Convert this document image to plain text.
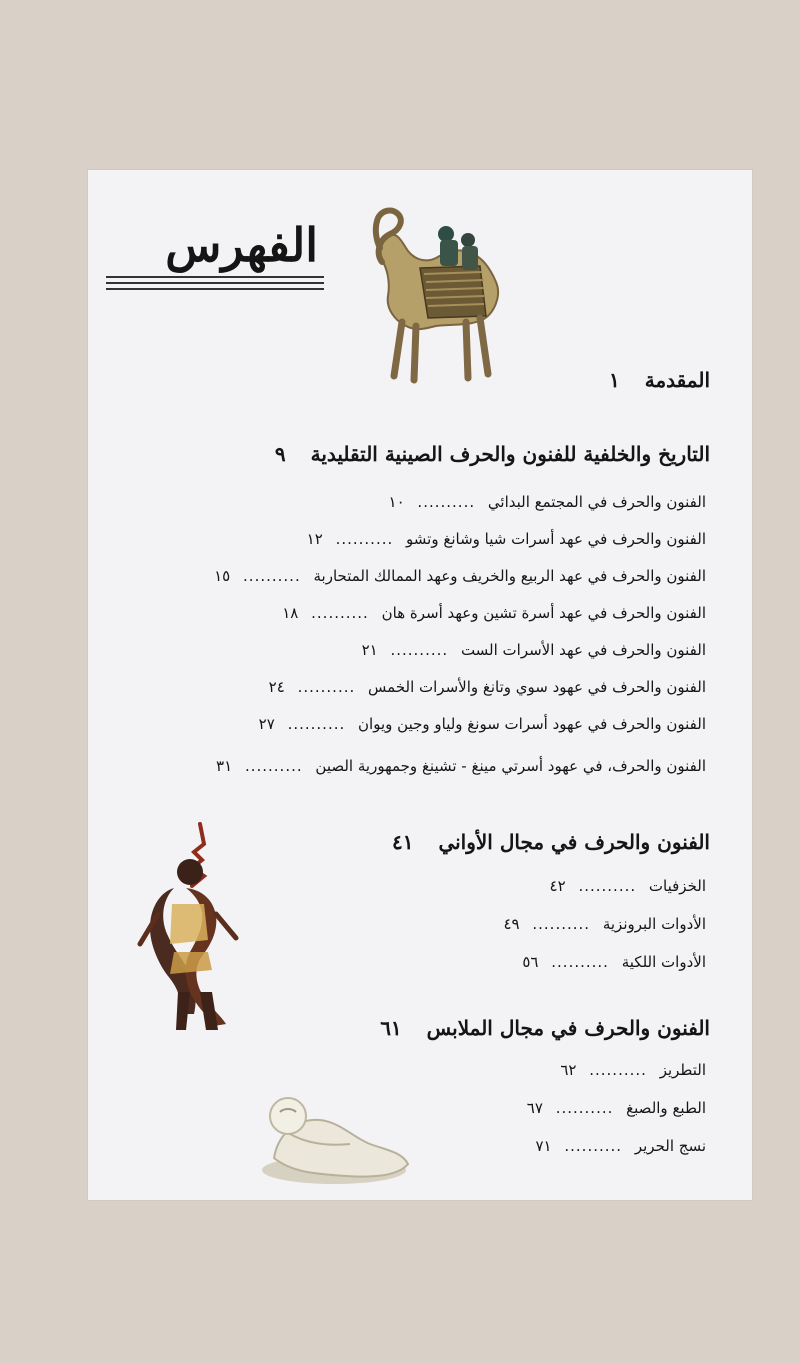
الفهرس
المقدمة ١
التاريخ والخلفية للفنون والحرف الصينية التقليدية ٩
الفنون والحرف في المجتمع البدائي .......... ١٠
الفنون والحرف في عهد أسرات شيا وشانغ وتشو .......... ١٢
الفنون والحرف في عهد الربيع والخريف وعهد الممالك المتحاربة .......... ١٥
الفنون والحرف في عهد أسرة تشين وعهد أسرة هان .......... ١٨
الفنون والحرف في عهد الأسرات الست .......... ٢١
الفنون والحرف في عهود سوي وتانغ والأسرات الخمس .......... ٢٤
الفنون والحرف في عهود أسرات سونغ ولياو وجين ويوان .......... ٢٧
الفنون والحرف، في عهود أسرتي مينغ - تشينغ وجمهورية الصين .......... ٣١
الفنون والحرف في مجال الأواني ٤١
الخزفيات .......... ٤٢
الأدوات البرونزية .......... ٤٩
الأدوات اللكية .......... ٥٦
الفنون والحرف في مجال الملابس ٦١
التطريز .......... ٦٢
الطبع والصبغ .......... ٦٧
نسج الحرير .......... ٧١
